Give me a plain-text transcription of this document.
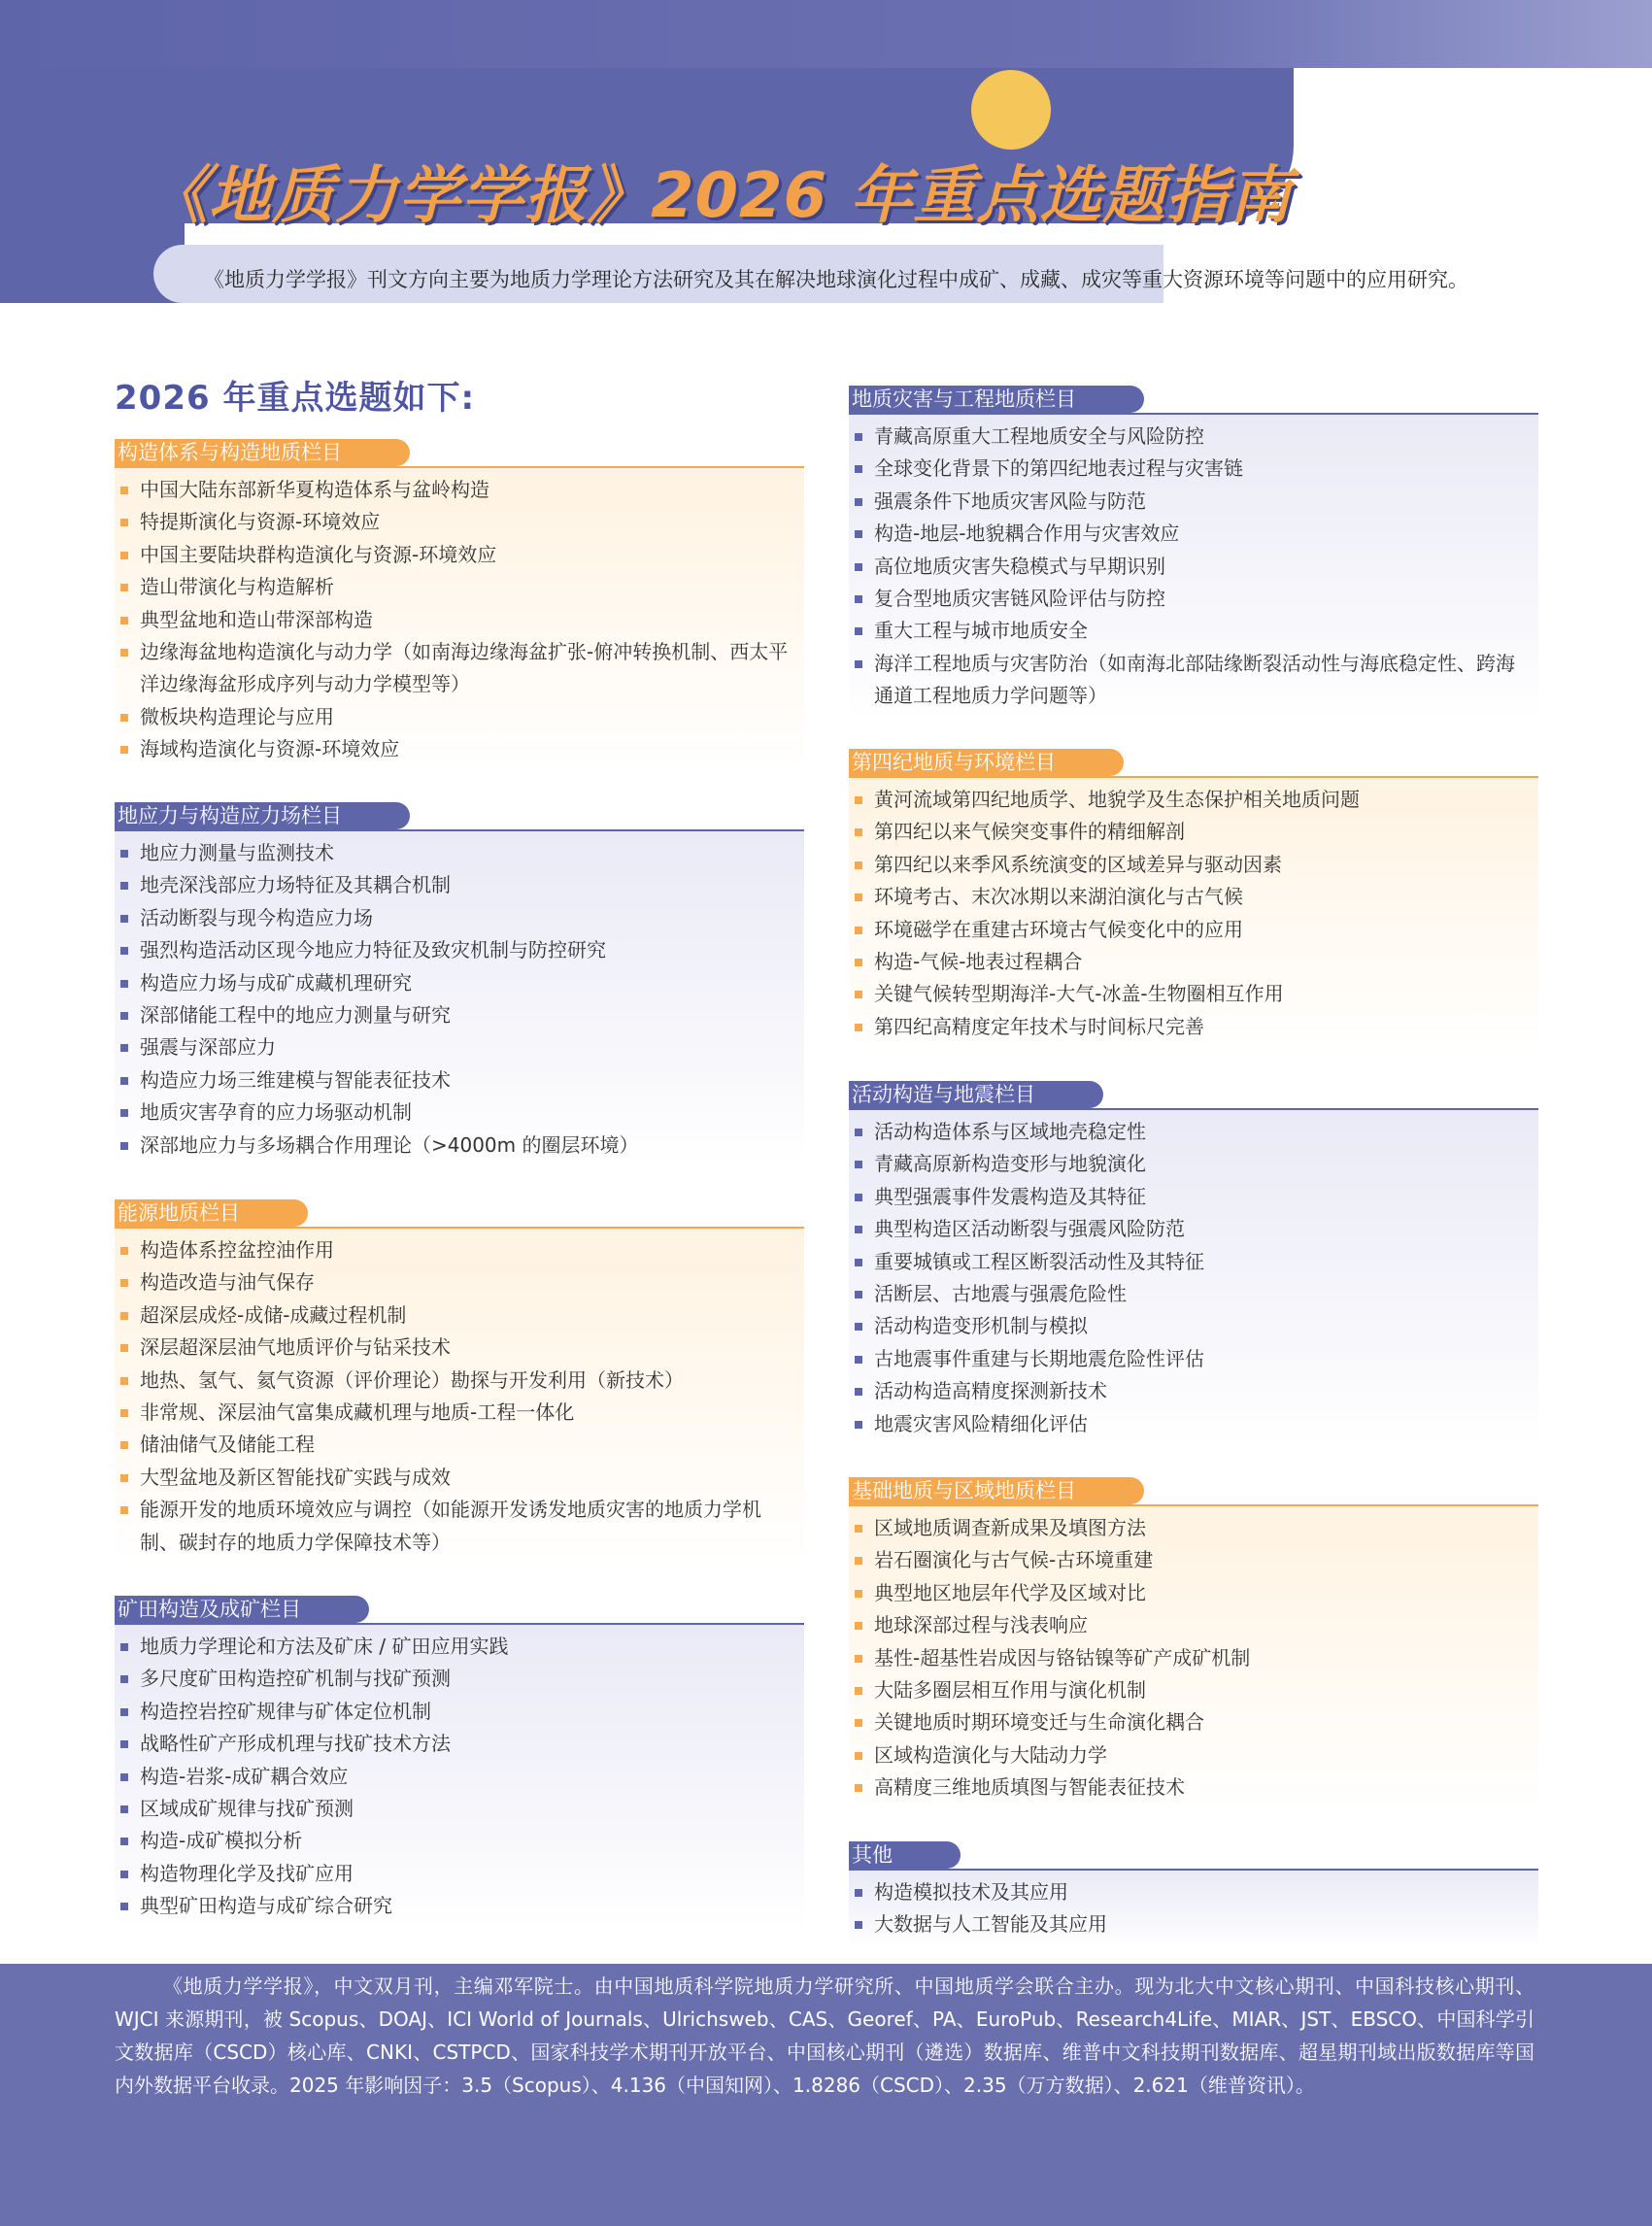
《地质力学学报》2026 年重点选题指南

《地质力学学报》刊文方向主要为地质力学理论方法研究及其在解决地球演化过程中成矿、成藏、成灾等重大资源环境等问题中的应用研究。

2026 年重点选题如下:
构造体系与构造地质栏目
中国大陆东部新华夏构造体系与盆岭构造
特提斯演化与资源-环境效应
中国主要陆块群构造演化与资源-环境效应
造山带演化与构造解析
典型盆地和造山带深部构造
边缘海盆地构造演化与动力学（如南海边缘海盆扩张-俯冲转换机制、西太平洋边缘海盆形成序列与动力学模型等）
微板块构造理论与应用
海域构造演化与资源-环境效应
地应力与构造应力场栏目
地应力测量与监测技术
地壳深浅部应力场特征及其耦合机制
活动断裂与现今构造应力场
强烈构造活动区现今地应力特征及致灾机制与防控研究
构造应力场与成矿成藏机理研究
深部储能工程中的地应力测量与研究
强震与深部应力
构造应力场三维建模与智能表征技术
地质灾害孕育的应力场驱动机制
深部地应力与多场耦合作用理论（>4000m 的圈层环境）
能源地质栏目
构造体系控盆控油作用
构造改造与油气保存
超深层成烃-成储-成藏过程机制
深层超深层油气地质评价与钻采技术
地热、氢气、氦气资源（评价理论）勘探与开发利用（新技术）
非常规、深层油气富集成藏机理与地质-工程一体化
储油储气及储能工程
大型盆地及新区智能找矿实践与成效
能源开发的地质环境效应与调控（如能源开发诱发地质灾害的地质力学机制、碳封存的地质力学保障技术等）
矿田构造及成矿栏目
地质力学理论和方法及矿床 / 矿田应用实践
多尺度矿田构造控矿机制与找矿预测
构造控岩控矿规律与矿体定位机制
战略性矿产形成机理与找矿技术方法
构造-岩浆-成矿耦合效应
区域成矿规律与找矿预测
构造-成矿模拟分析
构造物理化学及找矿应用
典型矿田构造与成矿综合研究
地质灾害与工程地质栏目
青藏高原重大工程地质安全与风险防控
全球变化背景下的第四纪地表过程与灾害链
强震条件下地质灾害风险与防范
构造-地层-地貌耦合作用与灾害效应
高位地质灾害失稳模式与早期识别
复合型地质灾害链风险评估与防控
重大工程与城市地质安全
海洋工程地质与灾害防治（如南海北部陆缘断裂活动性与海底稳定性、跨海通道工程地质力学问题等）
第四纪地质与环境栏目
黄河流域第四纪地质学、地貌学及生态保护相关地质问题
第四纪以来气候突变事件的精细解剖
第四纪以来季风系统演变的区域差异与驱动因素
环境考古、末次冰期以来湖泊演化与古气候
环境磁学在重建古环境古气候变化中的应用
构造-气候-地表过程耦合
关键气候转型期海洋-大气-冰盖-生物圈相互作用
第四纪高精度定年技术与时间标尺完善
活动构造与地震栏目
活动构造体系与区域地壳稳定性
青藏高原新构造变形与地貌演化
典型强震事件发震构造及其特征
典型构造区活动断裂与强震风险防范
重要城镇或工程区断裂活动性及其特征
活断层、古地震与强震危险性
活动构造变形机制与模拟
古地震事件重建与长期地震危险性评估
活动构造高精度探测新技术
地震灾害风险精细化评估
基础地质与区域地质栏目
区域地质调查新成果及填图方法
岩石圈演化与古气候-古环境重建
典型地区地层年代学及区域对比
地球深部过程与浅表响应
基性-超基性岩成因与铬钴镍等矿产成矿机制
大陆多圈层相互作用与演化机制
关键地质时期环境变迁与生命演化耦合
区域构造演化与大陆动力学
高精度三维地质填图与智能表征技术
其他
构造模拟技术及其应用
大数据与人工智能及其应用

《地质力学学报》，中文双月刊，主编邓军院士。由中国地质科学院地质力学研究所、中国地质学会联合主办。现为北大中文核心期刊、中国科技核心期刊、WJCI 来源期刊，被 Scopus、DOAJ、ICI World of Journals、Ulrichsweb、CAS、Georef、PA、EuroPub、Research4Life、MIAR、JST、EBSCO、中国科学引文数据库（CSCD）核心库、CNKI、CSTPCD、国家科技学术期刊开放平台、中国核心期刊（遴选）数据库、维普中文科技期刊数据库、超星期刊域出版数据库等国内外数据平台收录。2025 年影响因子：3.5（Scopus）、4.136（中国知网）、1.8286（CSCD）、2.35（万方数据）、2.621（维普资讯）。
